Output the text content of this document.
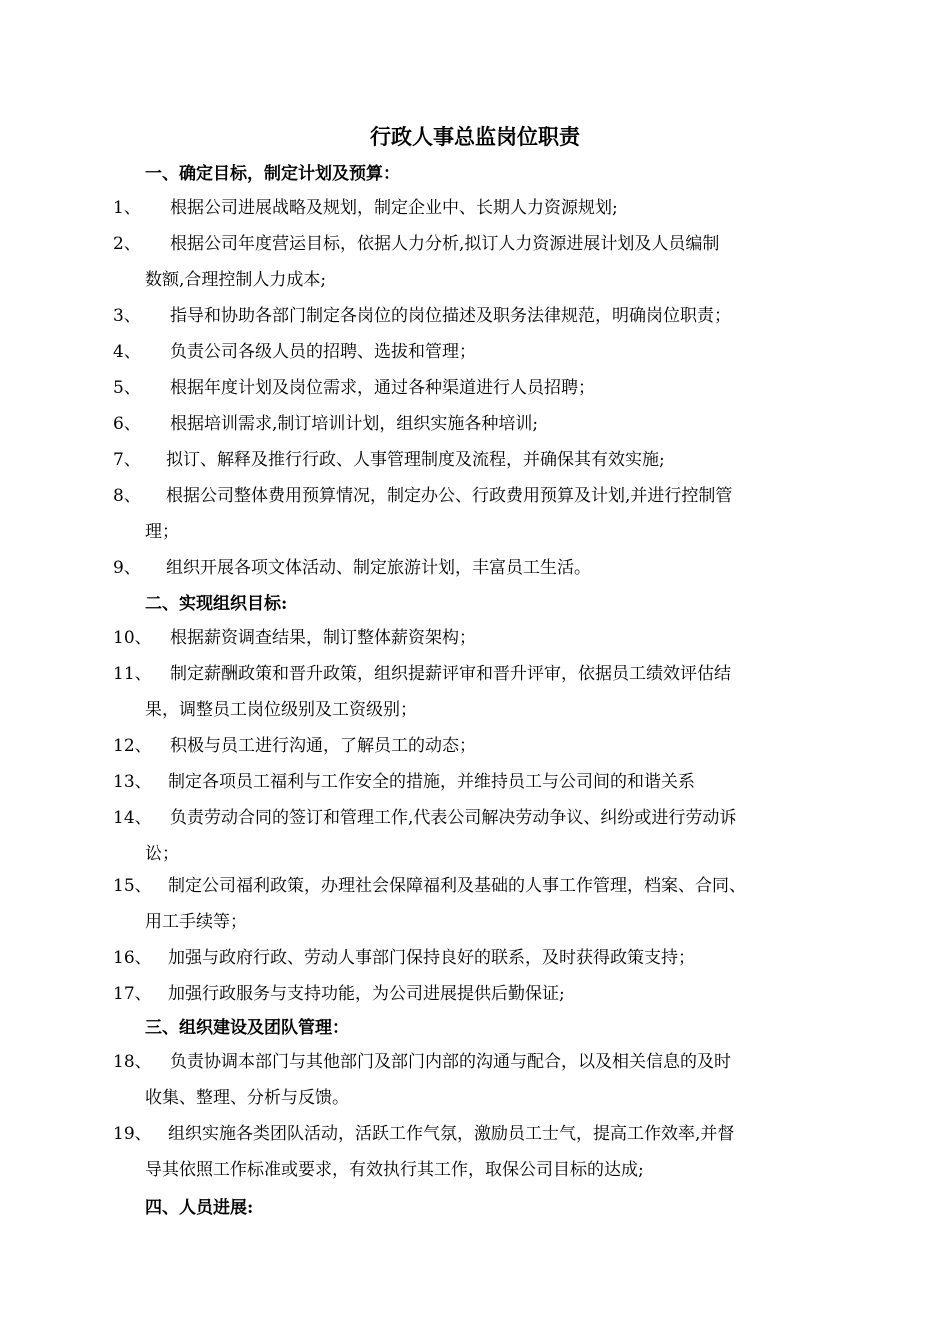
行政人事总监岗位职责
一、确定目标，制定计划及预算：
1、 根据公司进展战略及规划，制定企业中、长期人力资源规划;
2、 根据公司年度营运目标，依据人力分析,拟订人力资源进展计划及人员编制
数额,合理控制人力成本;
3、 指导和协助各部门制定各岗位的岗位描述及职务法律规范，明确岗位职责；
4、 负责公司各级人员的招聘、选拔和管理；
5、 根据年度计划及岗位需求，通过各种渠道进行人员招聘；
6、 根据培训需求,制订培训计划，组织实施各种培训;
7、 拟订、解释及推行行政、人事管理制度及流程，并确保其有效实施;
8、 根据公司整体费用预算情况，制定办公、行政费用预算及计划,并进行控制管
理；
9、 组织开展各项文体活动、制定旅游计划，丰富员工生活。
二、实现组织目标:
10、 根据薪资调查结果，制订整体薪资架构；
11、 制定薪酬政策和晋升政策，组织提薪评审和晋升评审，依据员工绩效评估结
果，调整员工岗位级别及工资级别；
12、 积极与员工进行沟通，了解员工的动态；
13、 制定各项员工福利与工作安全的措施，并维持员工与公司间的和谐关系
14、 负责劳动合同的签订和管理工作,代表公司解决劳动争议、纠纷或进行劳动诉
讼；
15、 制定公司福利政策，办理社会保障福利及基础的人事工作管理，档案、合同、
用工手续等；
16、 加强与政府行政、劳动人事部门保持良好的联系，及时获得政策支持；
17、 加强行政服务与支持功能，为公司进展提供后勤保证;
三、组织建设及团队管理：
18、 负责协调本部门与其他部门及部门内部的沟通与配合，以及相关信息的及时
收集、整理、分析与反馈。
19、 组织实施各类团队活动，活跃工作气氛，激励员工士气，提高工作效率,并督
导其依照工作标准或要求，有效执行其工作，取保公司目标的达成;
四、人员进展:
